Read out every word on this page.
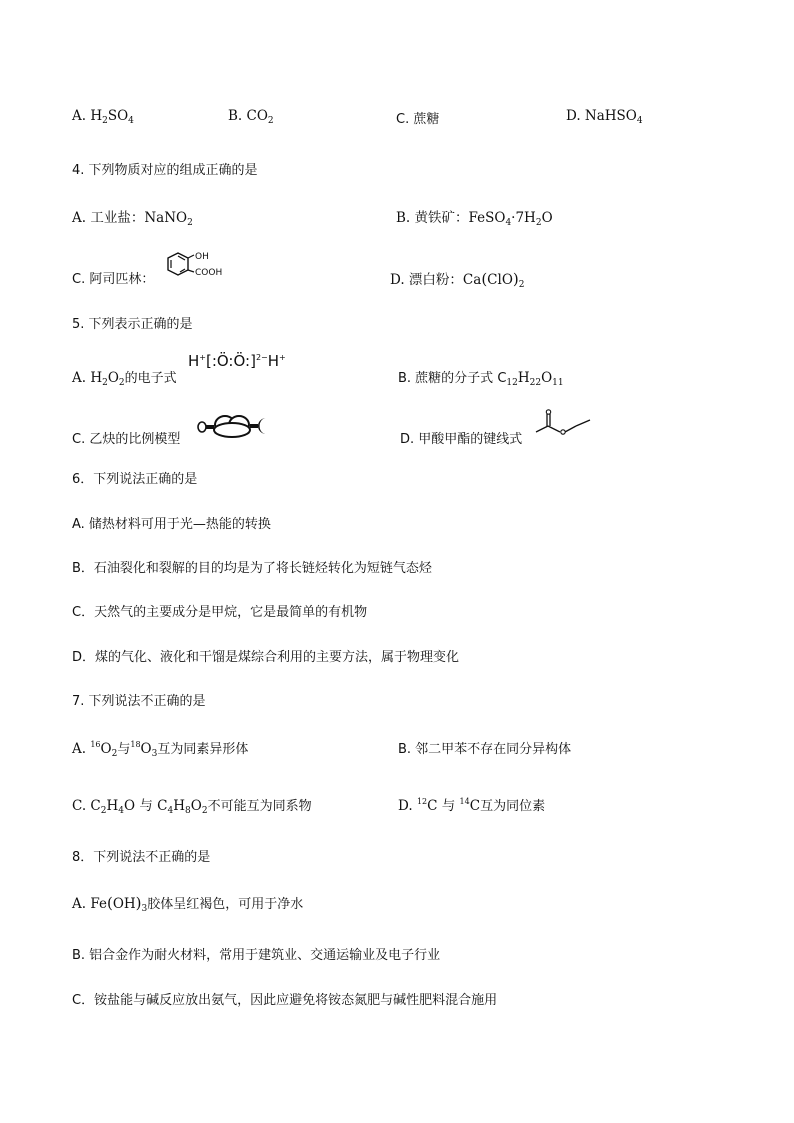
A. $H_2SO_4$	B. $CO_2$	C. 蔗糖	D. NaHSO$_4$
4. 下列物质对应的组成正确的是
A. 工业盐：NaNO$_2$	B. 黄铁矿：$FeSO_4\cdot 7H_2O$
C. 阿司匹林：
OH
COOH	D. 漂白粉：$Ca(ClO)_2$
5. 下列表示正确的是
A. $H_2O_2$的电子式
H+[:Ö:Ö:]$^{2-}$H+
B. 蔗糖的分子式 $C_{12}H_{22}O_{11}$
C. 乙炔的比例模型	D. 甲酸甲酯的键线式
6．下列说法正确的是
A. 储热材料可用于光—热能的转换
B．石油裂化和裂解的目的均是为了将长链烃转化为短链气态烃
C．天然气的主要成分是甲烷，它是最简单的有机物
D．煤的气化、液化和干馏是煤综合利用的主要方法，属于物理变化
7. 下列说法不正确的是
A. $^{16}O_2$与$^{18}O_3$互为同素异形体	B. 邻二甲苯不存在同分异构体
C. $C_2H_4O$ 与 $C_4H_8O_2$不可能互为同系物	D. $^{12}$C 与 $^{14}$C互为同位素
8．下列说法不正确的是
A. $Fe(OH)_3$胶体呈红褐色，可用于净水
B. 铝合金作为耐火材料，常用于建筑业、交通运输业及电子行业
C．铵盐能与碱反应放出氨气，因此应避免将铵态氮肥与碱性肥料混合施用
